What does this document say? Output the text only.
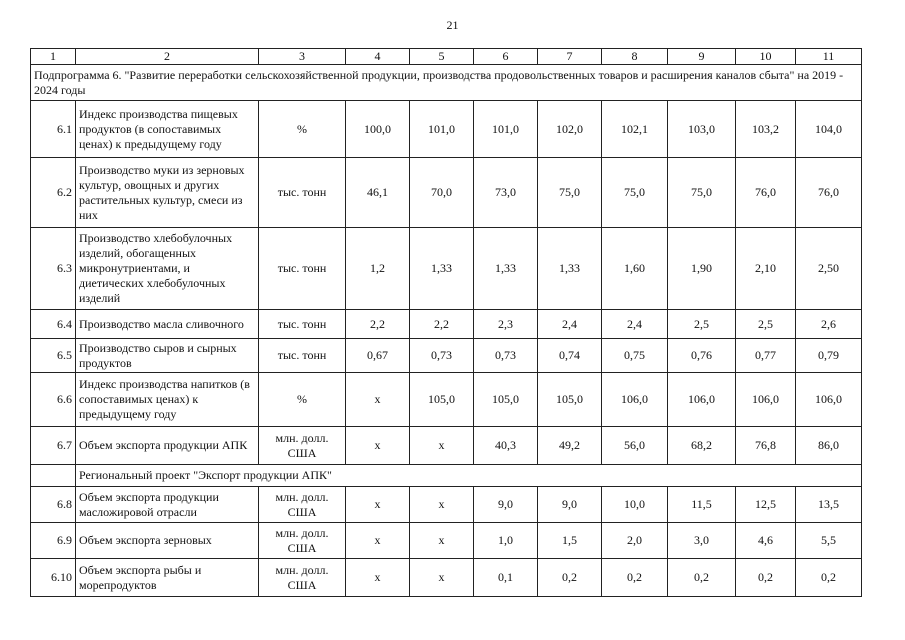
21
1	2	3	4	5	6	7	8	9	10	11
Подпрограмма 6. "Развитие переработки сельскохозяйственной продукции, производства продовольственных товаров и расширения каналов сбыта" на 2019 - 2024 годы										
6.1	Индекс производства пищевых продуктов (в сопоставимых ценах) к предыдущему году	%	100,0	101,0	101,0	102,0	102,1	103,0	103,2	104,0
6.2	Производство муки из зерновых культур, овощных и других растительных культур, смеси из них	тыс. тонн	46,1	70,0	73,0	75,0	75,0	75,0	76,0	76,0
6.3	Производство хлебобулочных изделий, обогащенных микронутриентами, и диетических хлебобулочных изделий	тыс. тонн	1,2	1,33	1,33	1,33	1,60	1,90	2,10	2,50
6.4	Производство масла сливочного	тыс. тонн	2,2	2,2	2,3	2,4	2,4	2,5	2,5	2,6
6.5	Производство сыров и сырных продуктов	тыс. тонн	0,67	0,73	0,73	0,74	0,75	0,76	0,77	0,79
6.6	Индекс производства напитков (в сопоставимых ценах) к предыдущему году	%	x	105,0	105,0	105,0	106,0	106,0	106,0	106,0
6.7	Объем экспорта продукции АПК	млн. долл. США	x	x	40,3	49,2	56,0	68,2	76,8	86,0
	Региональный проект "Экспорт продукции АПК"									
6.8	Объем экспорта продукции масложировой отрасли	млн. долл. США	x	x	9,0	9,0	10,0	11,5	12,5	13,5
6.9	Объем экспорта зерновых	млн. долл. США	x	x	1,0	1,5	2,0	3,0	4,6	5,5
6.10	Объем экспорта рыбы и морепродуктов	млн. долл. США	x	x	0,1	0,2	0,2	0,2	0,2	0,2
